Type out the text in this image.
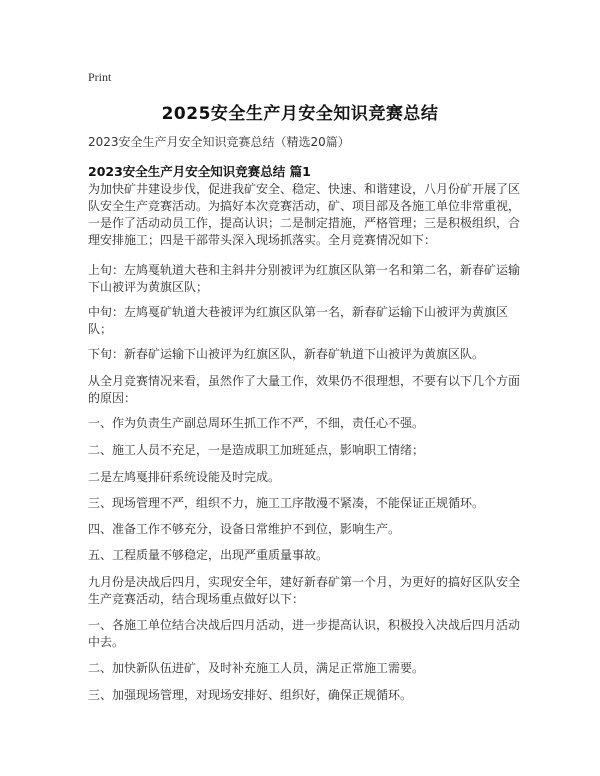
Print
2025安全生产月安全知识竞赛总结
2023安全生产月安全知识竞赛总结（精选20篇）
2023安全生产月安全知识竞赛总结 篇1

为加快矿井建设步伐，促进我矿安全、稳定、快速、和谐建设，八月份矿开展了区队安全生产竞赛活动。为搞好本次竞赛活动，矿、项目部及各施工单位非常重视，一是作了活动动员工作，提高认识；二是制定措施，严格管理；三是积极组织，合理安排施工；四是干部带头深入现场抓落实。全月竞赛情况如下：

上旬：左鸠戛轨道大巷和主斜井分别被评为红旗区队第一名和第二名，新春矿运输下山被评为黄旗区队；

中旬：左鸠戛矿轨道大巷被评为红旗区队第一名，新春矿运输下山被评为黄旗区队；

下旬：新春矿运输下山被评为红旗区队，新春矿轨道下山被评为黄旗区队。

从全月竞赛情况来看，虽然作了大量工作，效果仍不很理想，不要有以下几个方面的原因：

一、作为负责生产副总周环生抓工作不严，不细，责任心不强。

二、施工人员不充足，一是造成职工加班延点，影响职工情绪；

二是左鸠戛排矸系统设能及时完成。

三、现场管理不严，组织不力，施工工序散漫不紧凑，不能保证正规循环。

四、准备工作不够充分，设备日常维护不到位，影响生产。

五、工程质量不够稳定，出现严重质量事故。

九月份是决战后四月，实现安全年，建好新春矿第一个月，为更好的搞好区队安全生产竞赛活动，结合现场重点做好以下：

一、各施工单位结合决战后四月活动，进一步提高认识，积极投入决战后四月活动中去。

二、加快新队伍进矿，及时补充施工人员，满足正常施工需要。

三、加强现场管理，对现场安排好、组织好，确保正规循环。
